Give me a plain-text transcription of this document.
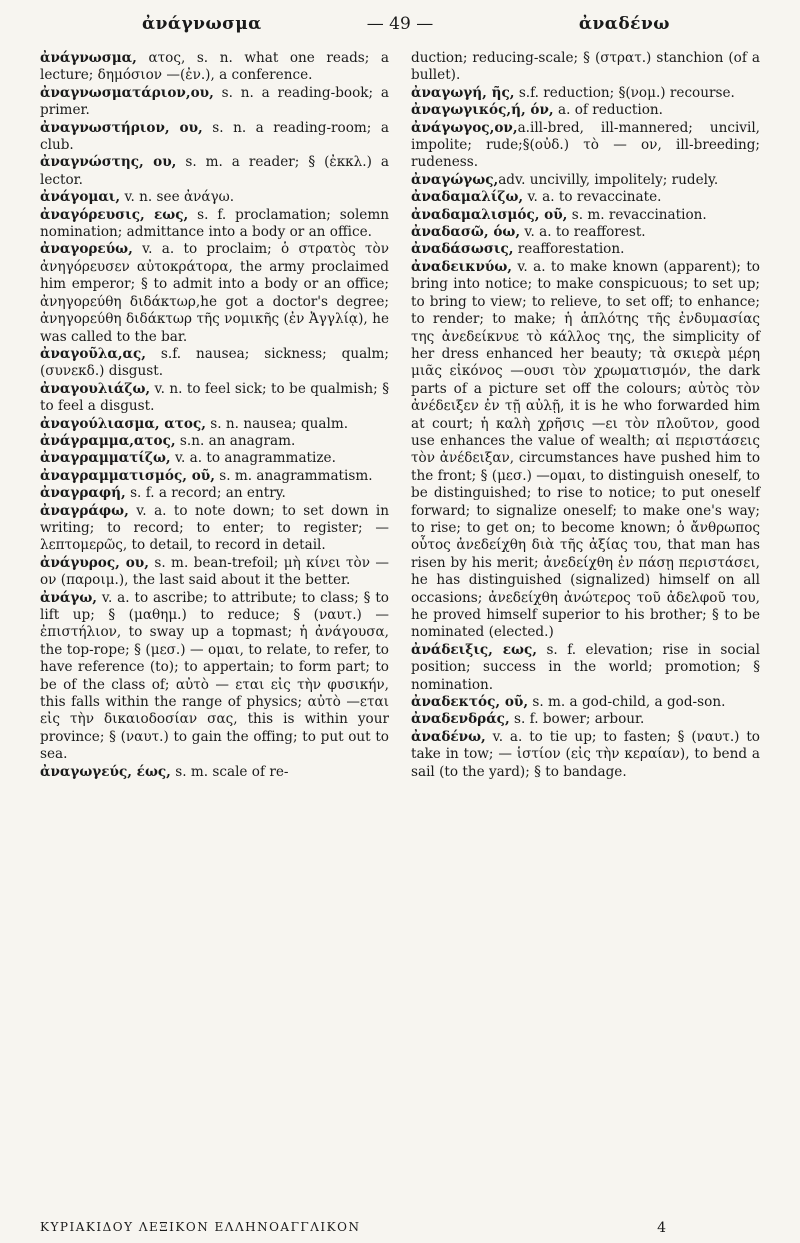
ἀνάγνωσμα	— 49 —	ἀναδένω

ἀνάγνωσμα, ατος, s. n. what one reads; a lecture; δημόσιον —(ἐν.), a conference.

ἀναγνωσματάριον,ου, s. n. a reading-book; a primer.

ἀναγνωστήριον, ου, s. n. a reading-room; a club.

ἀναγνώστης, ου, s. m. a reader; § (ἐκκλ.) a lector.

ἀνάγομαι, v. n. see ἀνάγω.

ἀναγόρευσις, εως, s. f. proclamation; solemn nomination; admittance into a body or an office.

ἀναγορεύω, v. a. to proclaim; ὁ στρατὸς τὸν ἀνηγόρευσεν αὐτοκράτορα, the army proclaimed him emperor; § to admit into a body or an office; ἀνηγορεύθη διδάκτωρ,he got a doctor's degree; ἀνηγορεύθη διδάκτωρ τῆς νομικῆς (ἐν Ἀγγλίᾳ), he was called to the bar.

ἀναγοῦλα,ας, s.f. nausea; sickness; qualm; (συνεκδ.) disgust.

ἀναγουλιάζω, v. n. to feel sick; to be qualmish; § to feel a disgust.

ἀναγούλιασμα, ατος, s. n. nausea; qualm.

ἀνάγραμμα,ατος, s.n. an anagram.

ἀναγραμματίζω, v. a. to anagrammatize.

ἀναγραμματισμός, οῦ, s. m. anagrammatism.

ἀναγραφή, s. f. a record; an entry.

ἀναγράφω, v. a. to note down; to set down in writing; to record; to enter; to register; — λεπτομερῶς, to detail, to record in detail.

ἀνάγυρος, ου, s. m. bean-trefoil; μὴ κίνει τὸν —ον (παροιμ.), the last said about it the better.

ἀνάγω, v. a. to ascribe; to attribute; to class; § to lift up; § (μαθημ.) to reduce; § (ναυτ.) — ἐπιστήλιον, to sway up a topmast; ἡ ἀνάγουσα, the top-rope; § (μεσ.) — ομαι, to relate, to refer, to have reference (to); to appertain; to form part; to be of the class of; αὐτὸ — εται εἰς τὴν φυσικήν, this falls within the range of physics; αὐτὸ —εται εἰς τὴν δικαιοδοσίαν σας, this is within your province; § (ναυτ.) to gain the offing; to put out to sea.

ἀναγωγεύς, έως, s. m. scale of re-

duction; reducing-scale; § (στρατ.) stanchion (of a bullet).

ἀναγωγή, ῆς, s.f. reduction; §(νομ.) recourse.

ἀναγωγικός,ή, όν, a. of reduction.

ἀνάγωγος,ον,a.ill-bred, ill-mannered; uncivil, impolite; rude;§(οὐδ.) τὸ — ον, ill-breeding; rudeness.

ἀναγώγως,adv. uncivilly, impolitely; rudely.

ἀναδαμαλίζω, v. a. to revaccinate.

ἀναδαμαλισμός, οῦ, s. m. revaccination.

ἀναδασῶ, όω, v. a. to reafforest.

ἀναδάσωσις, reafforestation.

ἀναδεικνύω, v. a. to make known (apparent); to bring into notice; to make conspicuous; to set up; to bring to view; to relieve, to set off; to enhance; to render; to make; ἡ ἁπλότης τῆς ἐνδυμασίας της ἀνεδείκνυε τὸ κάλλος της, the simplicity of her dress enhanced her beauty; τὰ σκιερὰ μέρη μιᾶς εἰκόνος —ουσι τὸν χρωματισμόν, the dark parts of a picture set off the colours; αὐτὸς τὸν ἀνέδειξεν ἐν τῇ αὐλῇ, it is he who forwarded him at court; ἡ καλὴ χρῆσις —ει τὸν πλοῦτον, good use enhances the value of wealth; αἱ περιστάσεις τὸν ἀνέδειξαν, circumstances have pushed him to the front; § (μεσ.) —ομαι, to distinguish oneself, to be distinguished; to rise to notice; to put oneself forward; to signalize oneself; to make one's way; to rise; to get on; to become known; ὁ ἄνθρωπος οὗτος ἀνεδείχθη διὰ τῆς ἀξίας του, that man has risen by his merit; ἀνεδείχθη ἐν πάσῃ περιστάσει, he has distinguished (signalized) himself on all occasions; ἀνεδείχθη ἀνώτερος τοῦ ἀδελφοῦ του, he proved himself superior to his brother; § to be nominated (elected.)

ἀνάδειξις, εως, s. f. elevation; rise in social position; success in the world; promotion; § nomination.

ἀναδεκτός, οῦ, s. m. a god-child, a god-son.

ἀναδενδράς, s. f. bower; arbour.

ἀναδένω, v. a. to tie up; to fasten; § (ναυτ.) to take in tow; — ἱστίον (εἰς τὴν κεραίαν), to bend a sail (to the yard); § to bandage.

ΚΥΡΙΑΚΙΔΟΥ ΛΕΞΙΚΟΝ ΕΛΛΗΝΟΑΓΓΛΙΚΟΝ	4
